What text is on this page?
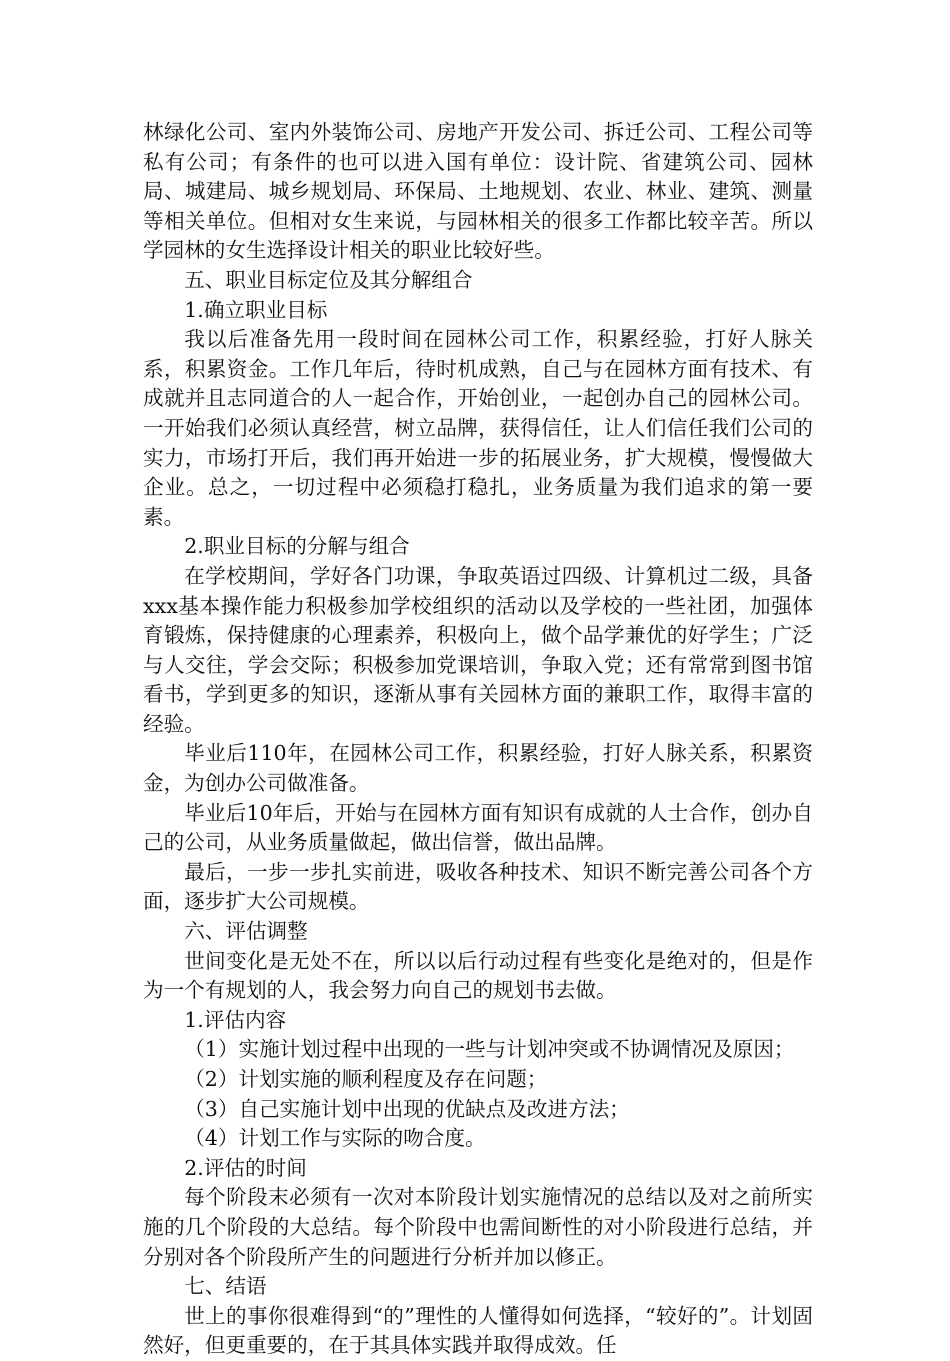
林绿化公司、室内外装饰公司、房地产开发公司、拆迁公司、工程公司等私有公司；有条件的也可以进入国有单位：设计院、省建筑公司、园林局、城建局、城乡规划局、环保局、土地规划、农业、林业、建筑、测量等相关单位。但相对女生来说，与园林相关的很多工作都比较辛苦。所以学园林的女生选择设计相关的职业比较好些。

五、职业目标定位及其分解组合

1.确立职业目标

我以后准备先用一段时间在园林公司工作，积累经验，打好人脉关系，积累资金。工作几年后，待时机成熟，自己与在园林方面有技术、有成就并且志同道合的人一起合作，开始创业，一起创办自己的园林公司。一开始我们必须认真经营，树立品牌，获得信任，让人们信任我们公司的实力，市场打开后，我们再开始进一步的拓展业务，扩大规模，慢慢做大企业。总之，一切过程中必须稳打稳扎，业务质量为我们追求的第一要素。

2.职业目标的分解与组合

在学校期间，学好各门功课，争取英语过四级、计算机过二级，具备xxx基本操作能力积极参加学校组织的活动以及学校的一些社团，加强体育锻炼，保持健康的心理素养，积极向上，做个品学兼优的好学生；广泛与人交往，学会交际；积极参加党课培训，争取入党；还有常常到图书馆看书，学到更多的知识，逐渐从事有关园林方面的兼职工作，取得丰富的经验。

毕业后110年，在园林公司工作，积累经验，打好人脉关系，积累资金，为创办公司做准备。

毕业后10年后，开始与在园林方面有知识有成就的人士合作，创办自己的公司，从业务质量做起，做出信誉，做出品牌。

最后，一步一步扎实前进，吸收各种技术、知识不断完善公司各个方面，逐步扩大公司规模。

六、评估调整

世间变化是无处不在，所以以后行动过程有些变化是绝对的，但是作为一个有规划的人，我会努力向自己的规划书去做。

1.评估内容

（1）实施计划过程中出现的一些与计划冲突或不协调情况及原因；

（2）计划实施的顺利程度及存在问题；

（3）自己实施计划中出现的优缺点及改进方法；

（4）计划工作与实际的吻合度。

2.评估的时间

每个阶段末必须有一次对本阶段计划实施情况的总结以及对之前所实施的几个阶段的大总结。每个阶段中也需间断性的对小阶段进行总结，并分别对各个阶段所产生的问题进行分析并加以修正。

七、结语

世上的事你很难得到“的”理性的人懂得如何选择，“较好的”。计划固然好，但更重要的，在于其具体实践并取得成效。任
